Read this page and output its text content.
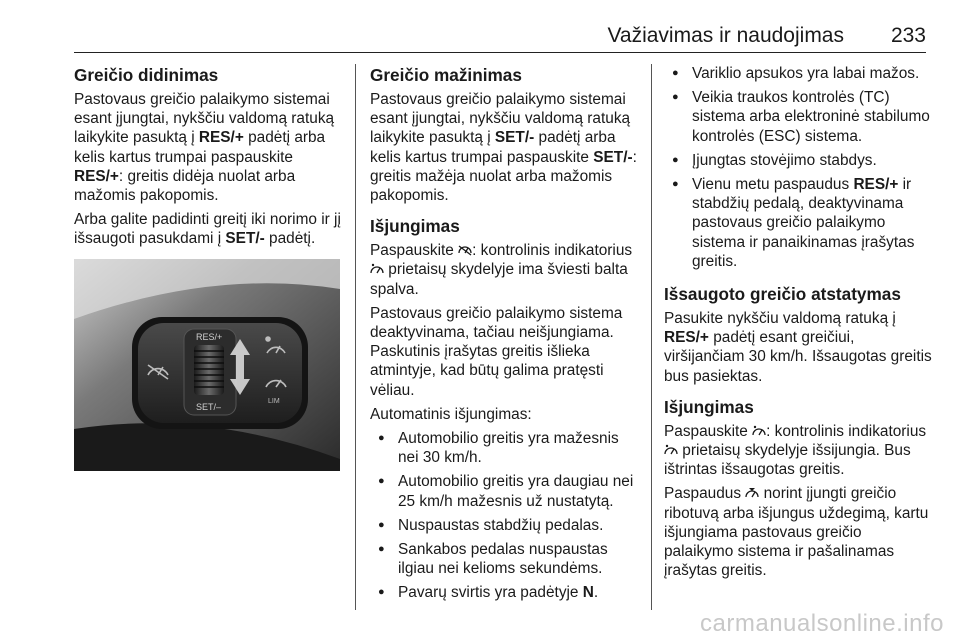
Važiavimas ir naudojimas 233
Greičio didinimas

Pastovaus greičio palaikymo sistemai esant įjungtai, nykščiu valdomą ratuką laikykite pasuktą į RES/+ padėtį arba kelis kartus trumpai paspauskite RES/+: greitis didėja nuolat arba mažomis pakopomis.

Arba galite padidinti greitį iki norimo ir jį išsaugoti pasukdami į SET/- padėtį.

RES/+
SET/–
LIM
Greičio mažinimas

Pastovaus greičio palaikymo sistemai esant įjungtai, nykščiu valdomą ratuką laikykite pasuktą į SET/- padėtį arba kelis kartus trumpai paspauskite SET/-: greitis mažėja nuolat arba mažomis pakopomis.

Išjungimas

Paspauskite : kontrolinis indikatorius  prietaisų skydelyje ima šviesti balta spalva.

Pastovaus greičio palaikymo sistema deaktyvinama, tačiau neišjungiama. Paskutinis įrašytas greitis išlieka atmintyje, kad būtų galima pratęsti vėliau.

Automatinis išjungimas:

● Automobilio greitis yra mažesnis nei 30 km/h.
● Automobilio greitis yra daugiau nei 25 km/h mažesnis už nustatytą.
● Nuspaustas stabdžių pedalas.
● Sankabos pedalas nuspaustas ilgiau nei kelioms sekundėms.
● Pavarų svirtis yra padėtyje N.
● Variklio apsukos yra labai mažos.
● Veikia traukos kontrolės (TC) sistema arba elektroninė stabilumo kontrolės (ESC) sistema.
● Įjungtas stovėjimo stabdys.
● Vienu metu paspaudus RES/+ ir stabdžių pedalą, deaktyvinama pastovaus greičio palaikymo sistema ir panaikinamas įrašytas greitis.
Išsaugoto greičio atstatymas

Pasukite nykščiu valdomą ratuką į RES/+ padėtį esant greičiui, viršijančiam 30 km/h. Išsaugotas greitis bus pasiektas.

Išjungimas

Paspauskite : kontrolinis indikatorius  prietaisų skydelyje išsijungia. Bus ištrintas išsaugotas greitis.

Paspaudus  norint įjungti greičio ribotuvą arba išjungus uždegimą, kartu išjungiama pastovaus greičio palaikymo sistema ir pašalinamas įrašytas greitis.

carmanualsonline.info
